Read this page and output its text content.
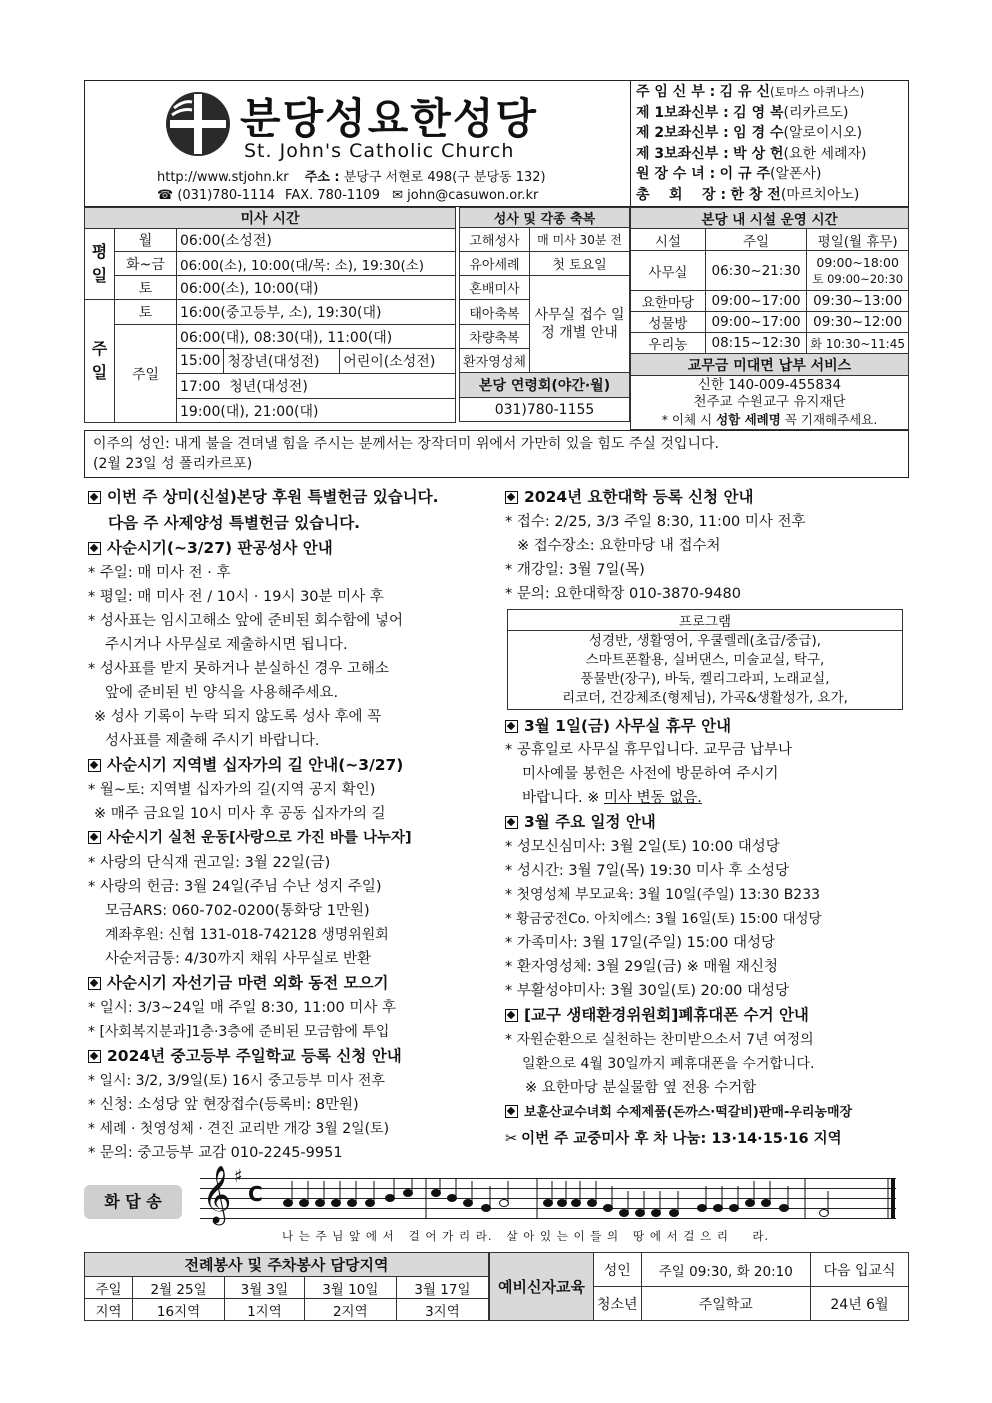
분당성요한성당
St. John's Catholic Church
http://www.stjohn.kr 주소 : 분당구 서현로 498(구 분당동 132)
☎ (031)780-1114 FAX. 780-1109 ✉ john@casuwon.or.kr
주 임 신 부 : 김 유 신(토마스 아퀴나스)
제 1보좌신부 : 김 영 복(리카르도)
제 2보좌신부 : 임 경 수(알로이시오)
제 3보좌신부 : 박 상 헌(요한 세례자)
원 장 수 녀 : 이 규 주(알폰사)
총    회    장 : 한 창 전(마르치아노)
미사 시간
평일	월	06:00(소성전)
화~금	06:00(소), 10:00(대/목: 소), 19:30(소)
토	06:00(소), 10:00(대)
주일	토	16:00(중고등부, 소), 19:30(대)
주일	06:00(대), 08:30(대), 11:00(대)

15:00	청장년(대성전)	어린이(소성전)

17:00  청년(대성전)
19:00(대), 21:00(대)
성사 및 각종 축복	
고해성사	매 미사 30분 전
유아세례	첫 토요일
혼배미사	사무실 접수 일정 개별 안내
태아축복	
차량축복	
환자영성체	
본당 연령회(야간·월)	
031)780-1155	
본당 내 시설 운영 시간		
시설	주일	평일(월 휴무)
사무실	06:30~21:30	09:00~18:00
토 09:00~20:30

요한마당	09:00~17:00	09:30~13:00
성물방	09:00~17:00	09:30~12:00
우리농	08:15~12:30	화 10:30~11:45
교무금 미대면 납부 서비스		

신한 140-009-455834
천주교 수원교구 유지재단
* 이체 시 성함 세례명 꼭 기재해주세요.		
이주의 성인: 내게 불을 견뎌낼 힘을 주시는 분께서는 장작더미 위에서 가만히 있을 힘도 주실 것입니다.
(2월 23일 성 폴리카르포)
이번 주 상미(신설)본당 후원 특별헌금 있습니다.
다음 주 사제양성 특별헌금 있습니다.
사순시기(~3/27) 판공성사 안내
* 주일: 매 미사 전 · 후
* 평일: 매 미사 전 / 10시 · 19시 30분 미사 후
* 성사표는 임시고해소 앞에 준비된 회수함에 넣어
주시거나 사무실로 제출하시면 됩니다.
* 성사표를 받지 못하거나 분실하신 경우 고해소
앞에 준비된 빈 양식을 사용해주세요.
※ 성사 기록이 누락 되지 않도록 성사 후에 꼭
성사표를 제출해 주시기 바랍니다.
사순시기 지역별 십자가의 길 안내(~3/27)
* 월~토: 지역별 십자가의 길(지역 공지 확인)
※ 매주 금요일 10시 미사 후 공동 십자가의 길
사순시기 실천 운동[사랑으로 가진 바를 나누자]
* 사랑의 단식재 권고일: 3월 22일(금)
* 사랑의 헌금: 3월 24일(주님 수난 성지 주일)
모금ARS: 060-702-0200(통화당 1만원)
계좌후원: 신협 131-018-742128 생명위원회
사순저금통: 4/30까지 채워 사무실로 반환
사순시기 자선기금 마련 외화 동전 모으기
* 일시: 3/3~24일 매 주일 8:30, 11:00 미사 후
* [사회복지분과]1층·3층에 준비된 모금함에 투입
2024년 중고등부 주일학교 등록 신청 안내
* 일시: 3/2, 3/9일(토) 16시 중고등부 미사 전후
* 신청: 소성당 앞 현장접수(등록비: 8만원)
* 세례 · 첫영성체 · 견진 교리반 개강 3월 2일(토)
* 문의: 중고등부 교감 010-2245-9951
2024년 요한대학 등록 신청 안내
* 접수: 2/25, 3/3 주일 8:30, 11:00 미사 전후
※ 접수장소: 요한마당 내 접수처
* 개강일: 3월 7일(목)
* 문의: 요한대학장 010-3870-9480
프로그램

성경반, 생활영어, 우쿨렐레(초급/중급),
스마트폰활용, 실버댄스, 미술교실, 탁구,
풍물반(장구), 바둑, 켈리그라피, 노래교실,
리코더, 건강체조(형제님), 가곡&생활성가, 요가,
3월 1일(금) 사무실 휴무 안내
* 공휴일로 사무실 휴무입니다. 교무금 납부나
미사예물 봉헌은 사전에 방문하여 주시기
바랍니다. ※ 미사 변동 없음.
3월 주요 일정 안내
* 성모신심미사: 3월 2일(토) 10:00 대성당
* 성시간: 3월 7일(목) 19:30 미사 후 소성당
* 첫영성체 부모교육: 3월 10일(주일) 13:30 B233
* 황금궁전Co. 아치에스: 3월 16일(토) 15:00 대성당
* 가족미사: 3월 17일(주일) 15:00 대성당
* 환자영성체: 3월 29일(금) ※ 매월 재신청
* 부활성야미사: 3월 30일(토) 20:00 대성당
[교구 생태환경위원회]폐휴대폰 수거 안내
* 자원순환으로 실천하는 찬미받으소서 7년 여정의
일환으로 4월 30일까지 폐휴대폰을 수거합니다.
※ 요한마당 분실물함 옆 전용 수거함
보훈산교수녀회 수제제품(돈까스·떡갈비)판매-우리농매장
✂ 이번 주 교중미사 후 차 나눔: 13·14·15·16 지역
화 답 송 𝄞 ♯
C
나 는 주 님 앞 에 서   걸 어 가 리 라.   살 아 있 는 이 들 의   땅 에 서 걸 으 리     라.
전례봉사 및 주차봉사 담당지역				
주일	2월 25일	3월 3일	3월 10일	3월 17일
지역	16지역	1지역	2지역	3지역
예비신자교육	성인	주일 09:30, 화 20:10	다음 입교식
	청소년	주일학교	24년 6월
